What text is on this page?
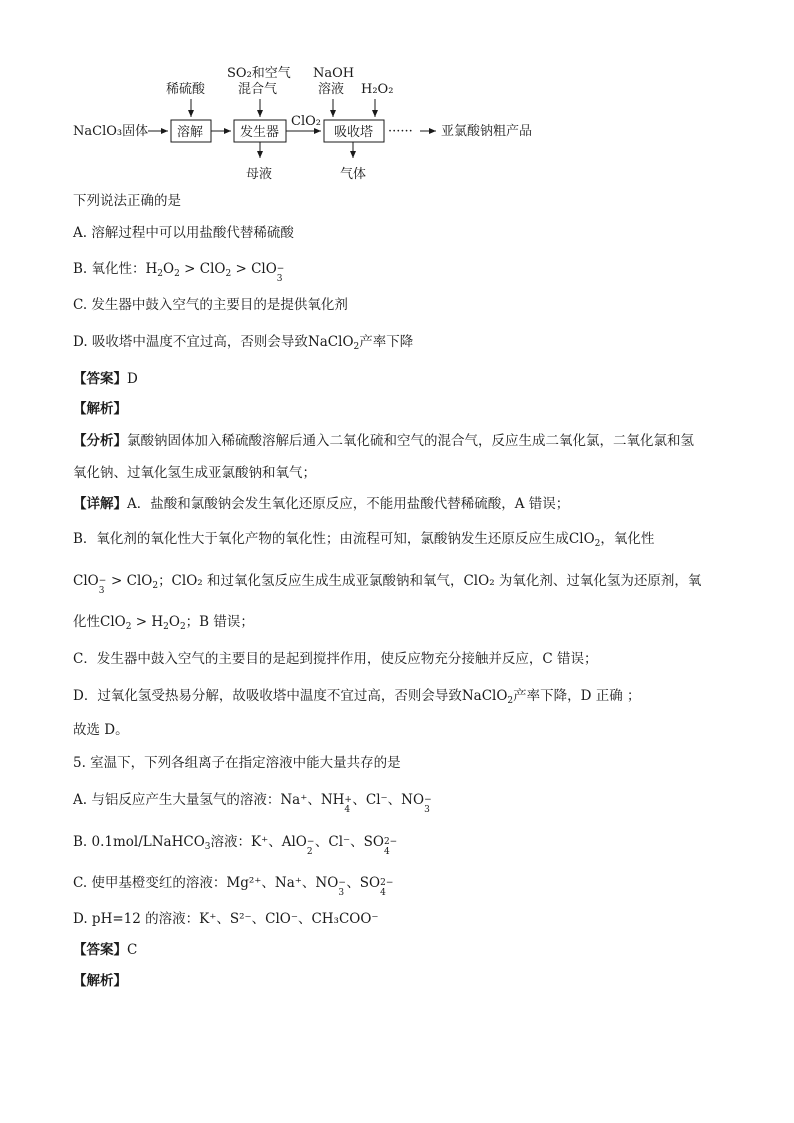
NaClO₃固体 溶解
稀硫酸
发生器
SO₂和空气
混合气
母液
ClO₂
吸收塔
NaOH
溶液 H₂O₂
气体
······ 亚氯酸钠粗产品
下列说法正确的是
A. 溶解过程中可以用盐酸代替稀硫酸
B. 氧化性：$H_2O_2 > ClO_2$ > ClO −
3
C. 发生器中鼓入空气的主要目的是提供氧化剂
D. 吸收塔中温度不宜过高，否则会导致NaClO$_2$产率下降
【答案】D
【解析】
【分析】氯酸钠固体加入稀硫酸溶解后通入二氧化硫和空气的混合气，反应生成二氧化氯，二氧化氯和氢
氧化钠、过氧化氢生成亚氯酸钠和氧气；
【详解】A．盐酸和氯酸钠会发生氧化还原反应，不能用盐酸代替稀硫酸，A 错误；
B．氧化剂的氧化性大于氧化产物的氧化性；由流程可知，氯酸钠发生还原反应生成ClO$_2$，氧化性
ClO −
3
> ClO$_2$；ClO₂ 和过氧化氢反应生成生成亚氯酸钠和氧气，ClO₂ 为氧化剂、过氧化氢为还原剂，氧
化性$ClO_2 > H_2O_2$；B 错误；
C．发生器中鼓入空气的主要目的是起到搅拌作用，使反应物充分接触并反应，C 错误；
D．过氧化氢受热易分解，故吸收塔中温度不宜过高，否则会导致NaClO$_2$产率下降，D 正确 ；
故选 D。
5. 室温下，下列各组离子在指定溶液中能大量共存的是
A. 与铝反应产生大量氢气的溶液：Na⁺、NH +
4
、Cl⁻、NO −
3
B. 0.1mol/LNaHCO$_3$溶液：K⁺、AlO −
2
、Cl⁻、SO 2−
4
C. 使甲基橙变红的溶液：Mg²⁺、Na⁺、NO −
3
、SO 2−
4
D. pH=12 的溶液：K⁺、S²⁻、ClO⁻、CH₃COO⁻
【答案】C
【解析】
